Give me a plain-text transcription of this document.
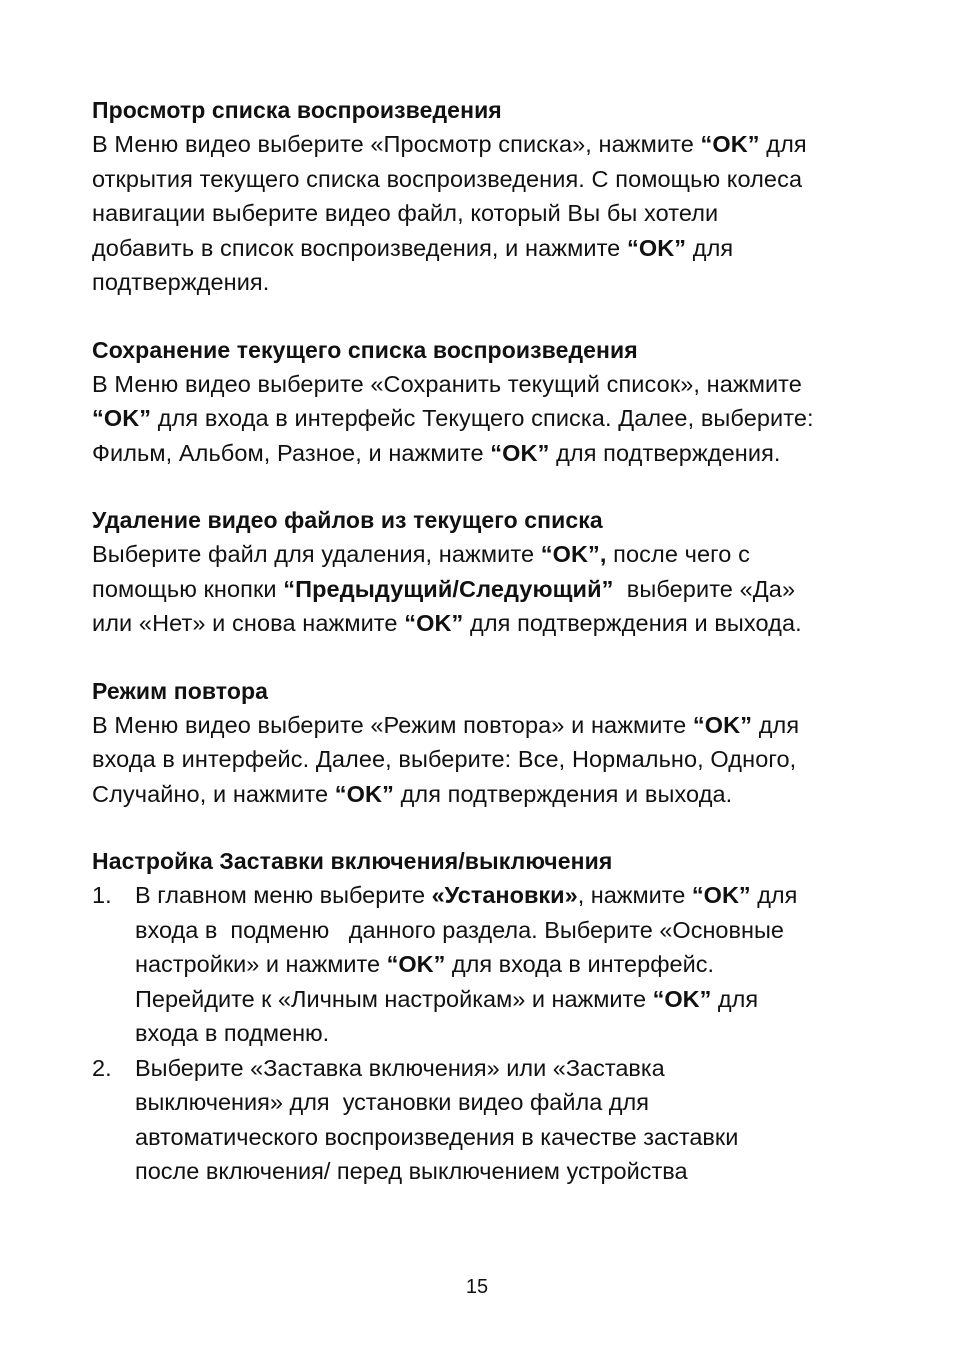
Просмотр списка воспроизведения
В Меню видео выберите «Просмотр списка», нажмите “OK” для
открытия текущего списка воспроизведения. С помощью колеса
навигации выберите видео файл, который Вы бы хотели
добавить в список воспроизведения, и нажмите “OK” для
подтверждения.
Сохранение текущего списка воспроизведения
В Меню видео выберите «Сохранить текущий список», нажмите
“OK” для входа в интерфейс Текущего списка. Далее, выберите:
Фильм, Альбом, Разное, и нажмите “OK” для подтверждения.
Удаление видео файлов из текущего списка
Выберите файл для удаления, нажмите “OK”, после чего с
помощью кнопки “Предыдущий/Следующий”  выберите «Да»
или «Нет» и снова нажмите “OK” для подтверждения и выхода.
Режим повтора
В Меню видео выберите «Режим повтора» и нажмите “OK” для
входа в интерфейс. Далее, выберите: Все, Нормально, Одного,
Случайно, и нажмите “OK” для подтверждения и выхода.
Настройка Заставки включения/выключения
1. В главном меню выберите «Установки», нажмите “OK” для
входа в  подменю   данного раздела. Выберите «Основные
настройки» и нажмите “OK” для входа в интерфейс.
Перейдите к «Личным настройкам» и нажмите “OK” для
входа в подменю.
2. Выберите «Заставка включения» или «Заставка
выключения» для  установки видео файла для
автоматического воспроизведения в качестве заставки
после включения/ перед выключением устройства
15
